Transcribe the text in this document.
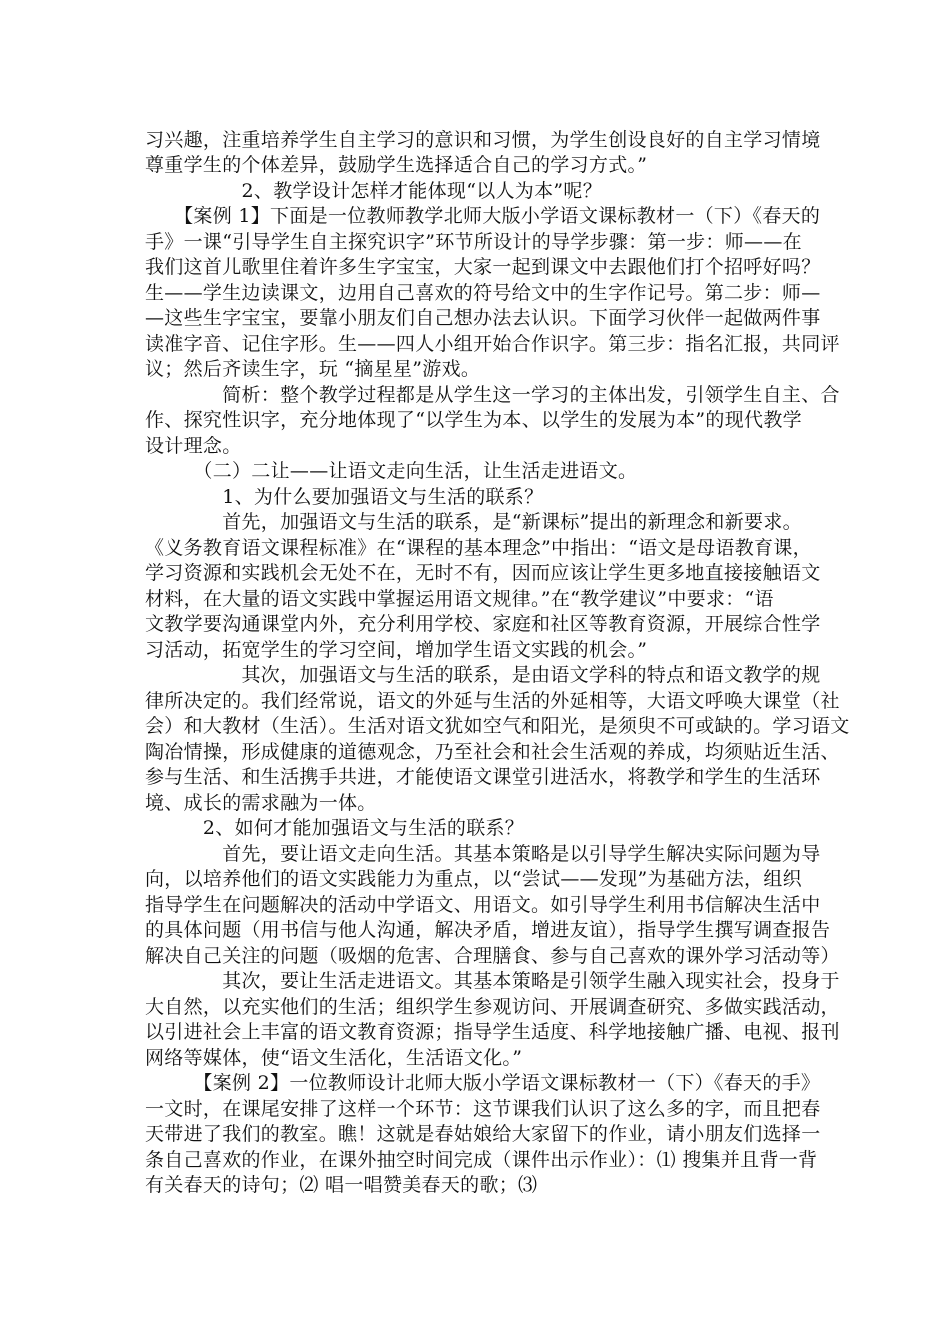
习兴趣，注重培养学生自主学习的意识和习惯，为学生创设良好的自主学习情境
尊重学生的个体差异，鼓励学生选择适合自己的学习方式。”
　　　　　2、教学设计怎样才能体现“以人为本”呢？
　　【案例 1】下面是一位教师教学北师大版小学语文课标教材一（下）《春天的
手》一课“引导学生自主探究识字”环节所设计的导学步骤：第一步：师——在
我们这首儿歌里住着许多生字宝宝，大家一起到课文中去跟他们打个招呼好吗？
生——学生边读课文，边用自己喜欢的符号给文中的生字作记号。第二步：师—
—这些生字宝宝，要靠小朋友们自己想办法去认识。下面学习伙伴一起做两件事
读准字音、记住字形。生——四人小组开始合作识字。第三步：指名汇报，共同评
议；然后齐读生字，玩 “摘星星”游戏。
　　　　简析：整个教学过程都是从学生这一学习的主体出发，引领学生自主、合
作、探究性识字，充分地体现了“以学生为本、以学生的发展为本”的现代教学
设计理念。
　　　（二）二让——让语文走向生活，让生活走进语文。
　　　　1、为什么要加强语文与生活的联系？
　　　　首先，加强语文与生活的联系，是“新课标”提出的新理念和新要求。
《义务教育语文课程标准》在“课程的基本理念”中指出：“语文是母语教育课，
学习资源和实践机会无处不在，无时不有，因而应该让学生更多地直接接触语文
材料，在大量的语文实践中掌握运用语文规律。”在“教学建议”中要求：“语
文教学要沟通课堂内外，充分利用学校、家庭和社区等教育资源，开展综合性学
习活动，拓宽学生的学习空间，增加学生语文实践的机会。”
　　　　　其次，加强语文与生活的联系，是由语文学科的特点和语文教学的规
律所决定的。我们经常说，语文的外延与生活的外延相等，大语文呼唤大课堂（社
会）和大教材（生活）。生活对语文犹如空气和阳光，是须臾不可或缺的。学习语文
陶冶情操，形成健康的道德观念，乃至社会和社会生活观的养成，均须贴近生活、
参与生活、和生活携手共进，才能使语文课堂引进活水，将教学和学生的生活环
境、成长的需求融为一体。
　　　2、如何才能加强语文与生活的联系？
　　　　首先，要让语文走向生活。其基本策略是以引导学生解决实际问题为导
向，以培养他们的语文实践能力为重点，以“尝试——发现”为基础方法，组织
指导学生在问题解决的活动中学语文、用语文。如引导学生利用书信解决生活中
的具体问题（用书信与他人沟通，解决矛盾，增进友谊），指导学生撰写调查报告
解决自己关注的问题（吸烟的危害、合理膳食、参与自己喜欢的课外学习活动等）
　　　　其次，要让生活走进语文。其基本策略是引领学生融入现实社会，投身于
大自然，以充实他们的生活；组织学生参观访问、开展调查研究、多做实践活动，
以引进社会上丰富的语文教育资源；指导学生适度、科学地接触广播、电视、报刊
网络等媒体，使“语文生活化，生活语文化。”
　　　【案例 2】一位教师设计北师大版小学语文课标教材一（下）《春天的手》
一文时，在课尾安排了这样一个环节：这节课我们认识了这么多的字，而且把春
天带进了我们的教室。瞧！这就是春姑娘给大家留下的作业，请小朋友们选择一
条自己喜欢的作业，在课外抽空时间完成（课件出示作业）：⑴ 搜集并且背一背
有关春天的诗句；⑵ 唱一唱赞美春天的歌；⑶
